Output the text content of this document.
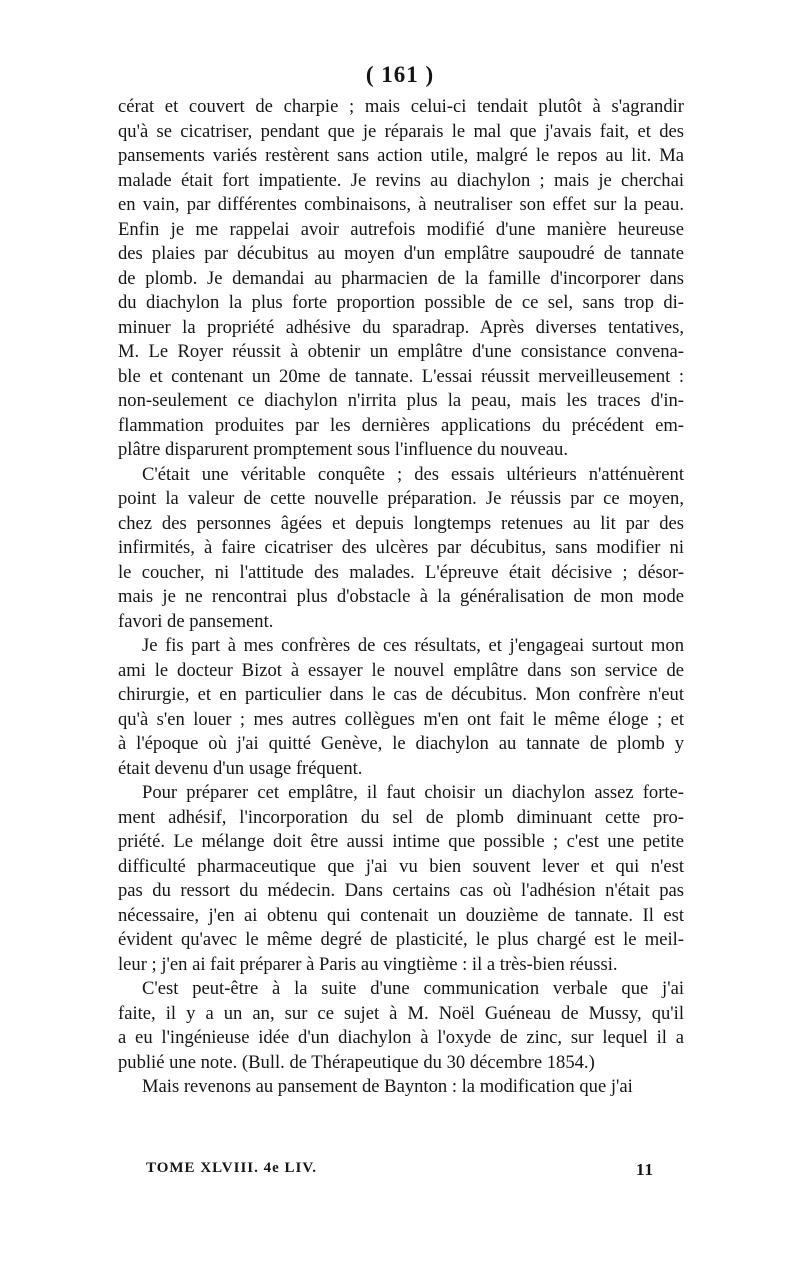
( 161 )
cérat et couvert de charpie ; mais celui-ci tendait plutôt à s'agrandir
qu'à se cicatriser, pendant que je réparais le mal que j'avais fait, et des
pansements variés restèrent sans action utile, malgré le repos au lit. Ma
malade était fort impatiente. Je revins au diachylon ; mais je cherchai
en vain, par différentes combinaisons, à neutraliser son effet sur la peau.
Enfin je me rappelai avoir autrefois modifié d'une manière heureuse
des plaies par décubitus au moyen d'un emplâtre saupoudré de tannate
de plomb. Je demandai au pharmacien de la famille d'incorporer dans
du diachylon la plus forte proportion possible de ce sel, sans trop di-
minuer la propriété adhésive du sparadrap. Après diverses tentatives,
M. Le Royer réussit à obtenir un emplâtre d'une consistance convena-
ble et contenant un 20me de tannate. L'essai réussit merveilleusement :
non-seulement ce diachylon n'irrita plus la peau, mais les traces d'in-
flammation produites par les dernières applications du précédent em-
plâtre disparurent promptement sous l'influence du nouveau.
C'était une véritable conquête ; des essais ultérieurs n'atténuèrent
point la valeur de cette nouvelle préparation. Je réussis par ce moyen,
chez des personnes âgées et depuis longtemps retenues au lit par des
infirmités, à faire cicatriser des ulcères par décubitus, sans modifier ni
le coucher, ni l'attitude des malades. L'épreuve était décisive ; désor-
mais je ne rencontrai plus d'obstacle à la généralisation de mon mode
favori de pansement.
Je fis part à mes confrères de ces résultats, et j'engageai surtout mon
ami le docteur Bizot à essayer le nouvel emplâtre dans son service de
chirurgie, et en particulier dans le cas de décubitus. Mon confrère n'eut
qu'à s'en louer ; mes autres collègues m'en ont fait le même éloge ; et
à l'époque où j'ai quitté Genève, le diachylon au tannate de plomb y
était devenu d'un usage fréquent.
Pour préparer cet emplâtre, il faut choisir un diachylon assez forte-
ment adhésif, l'incorporation du sel de plomb diminuant cette pro-
priété. Le mélange doit être aussi intime que possible ; c'est une petite
difficulté pharmaceutique que j'ai vu bien souvent lever et qui n'est
pas du ressort du médecin. Dans certains cas où l'adhésion n'était pas
nécessaire, j'en ai obtenu qui contenait un douzième de tannate. Il est
évident qu'avec le même degré de plasticité, le plus chargé est le meil-
leur ; j'en ai fait préparer à Paris au vingtième : il a très-bien réussi.
C'est peut-être à la suite d'une communication verbale que j'ai
faite, il y a un an, sur ce sujet à M. Noël Guéneau de Mussy, qu'il
a eu l'ingénieuse idée d'un diachylon à l'oxyde de zinc, sur lequel il a
publié une note. (Bull. de Thérapeutique du 30 décembre 1854.)
Mais revenons au pansement de Baynton : la modification que j'ai
TOME XLVIII. 4e LIV.	11
